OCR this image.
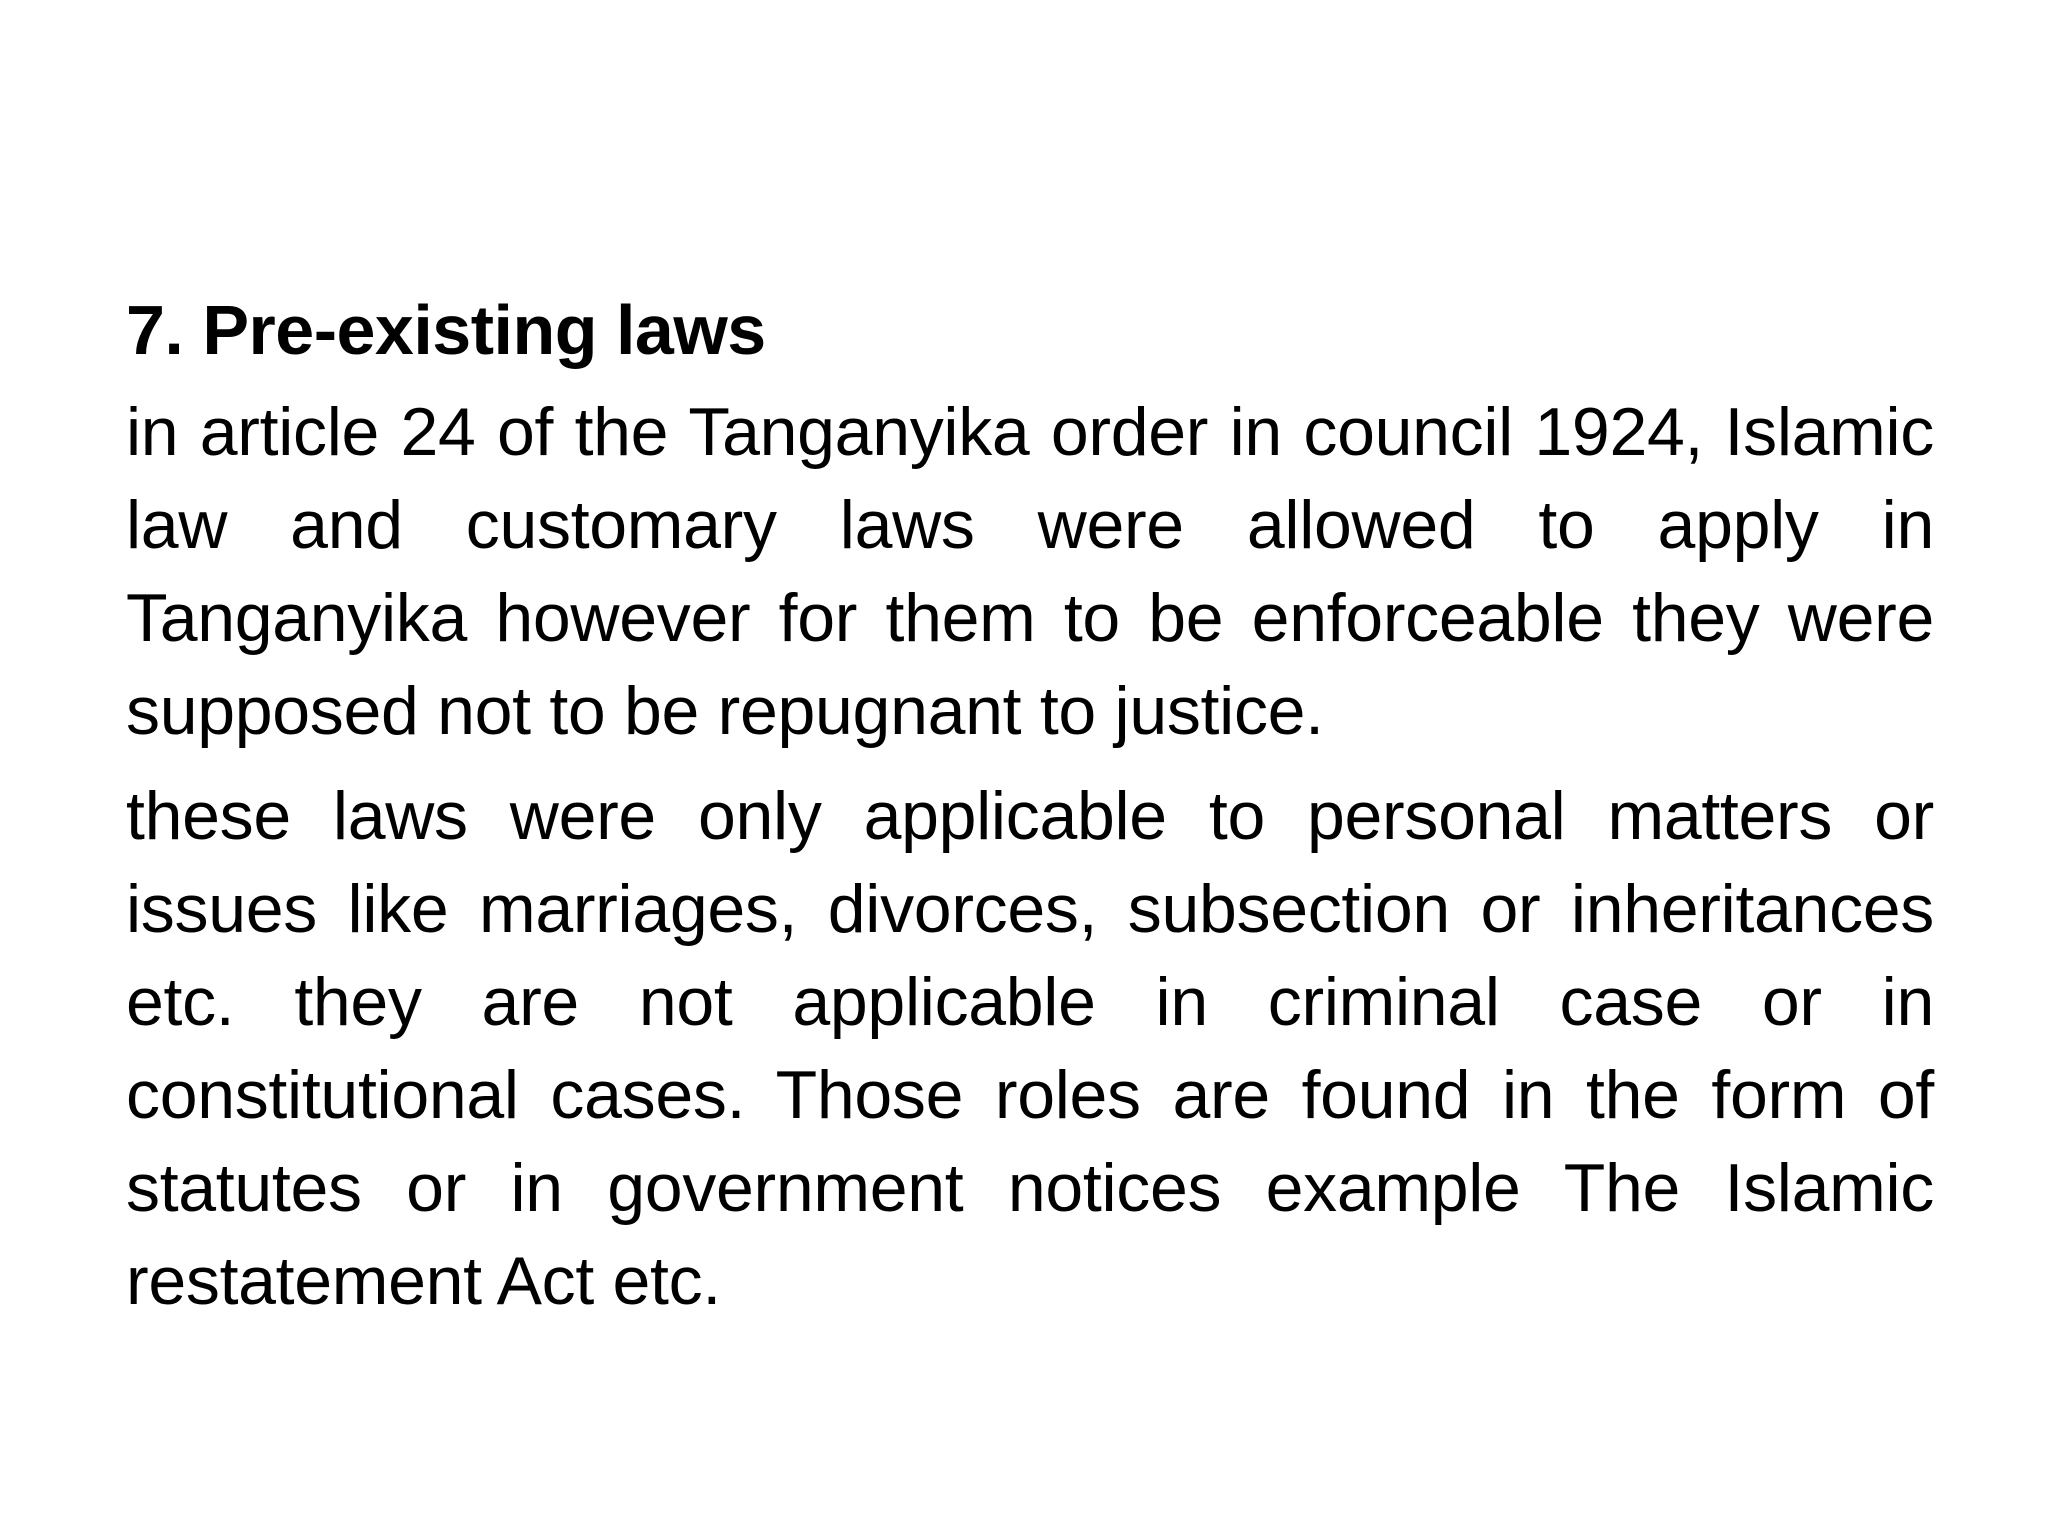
7. Pre-existing laws

in article 24 of the Tanganyika order in council 1924, Islamic law and customary laws were allowed to apply in Tanganyika however for them to be enforceable they were supposed not to be repugnant to justice.

these laws were only applicable to personal matters or issues like marriages, divorces, subsection or inheritances etc. they are not applicable in criminal case or in constitutional cases. Those roles are found in the form of statutes or in government notices example The Islamic restatement Act etc.
